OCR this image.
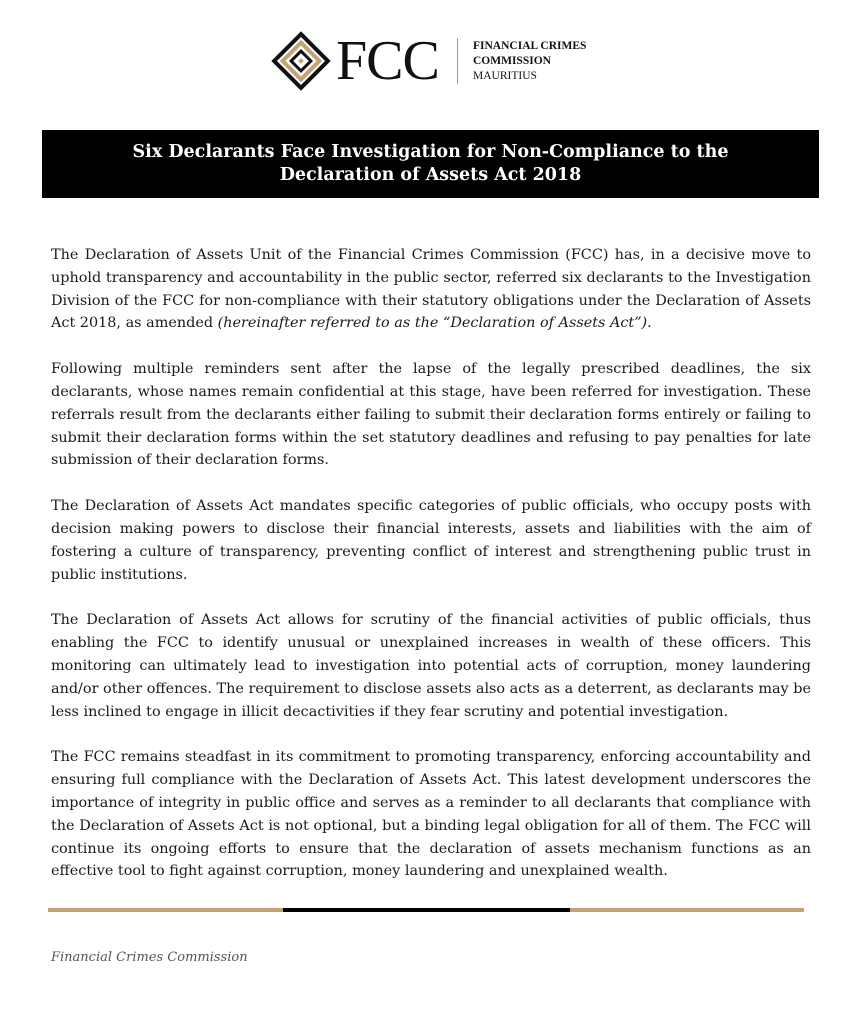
FCC	FINANCIAL CRIMES
COMMISSION
MAURITIUS
Six Declarants Face Investigation for Non-Compliance to the
Declaration of Assets Act 2018

The Declaration of Assets Unit of the Financial Crimes Commission (FCC) has, in a decisive move to uphold transparency and accountability in the public sector, referred six declarants to the Investigation Division of the FCC for non-compliance with their statutory obligations under the Declaration of Assets Act 2018, as amended (hereinafter referred to as the “Declaration of Assets Act”).

Following multiple reminders sent after the lapse of the legally prescribed deadlines, the six declarants, whose names remain confidential at this stage, have been referred for investigation. These referrals result from the declarants either failing to submit their declaration forms entirely or failing to submit their declaration forms within the set statutory deadlines and refusing to pay penalties for late submission of their declaration forms.

The Declaration of Assets Act mandates specific categories of public officials, who occupy posts with decision making powers to disclose their financial interests, assets and liabilities with the aim of fostering a culture of transparency, preventing conflict of interest and strengthening public trust in public institutions.

The Declaration of Assets Act allows for scrutiny of the financial activities of public officials, thus enabling the FCC to identify unusual or unexplained increases in wealth of these officers. This monitoring can ultimately lead to investigation into potential acts of corruption, money laundering and/or other offences. The requirement to disclose assets also acts as a deterrent, as declarants may be less inclined to engage in illicit decactivities if they fear scrutiny and potential investigation.

The FCC remains steadfast in its commitment to promoting transparency, enforcing accountability and ensuring full compliance with the Declaration of Assets Act. This latest development underscores the importance of integrity in public office and serves as a reminder to all declarants that compliance with the Declaration of Assets Act is not optional, but a binding legal obligation for all of them. The FCC will continue its ongoing efforts to ensure that the declaration of assets mechanism functions as an effective tool to fight against corruption, money laundering and unexplained wealth.

Financial Crimes Commission
